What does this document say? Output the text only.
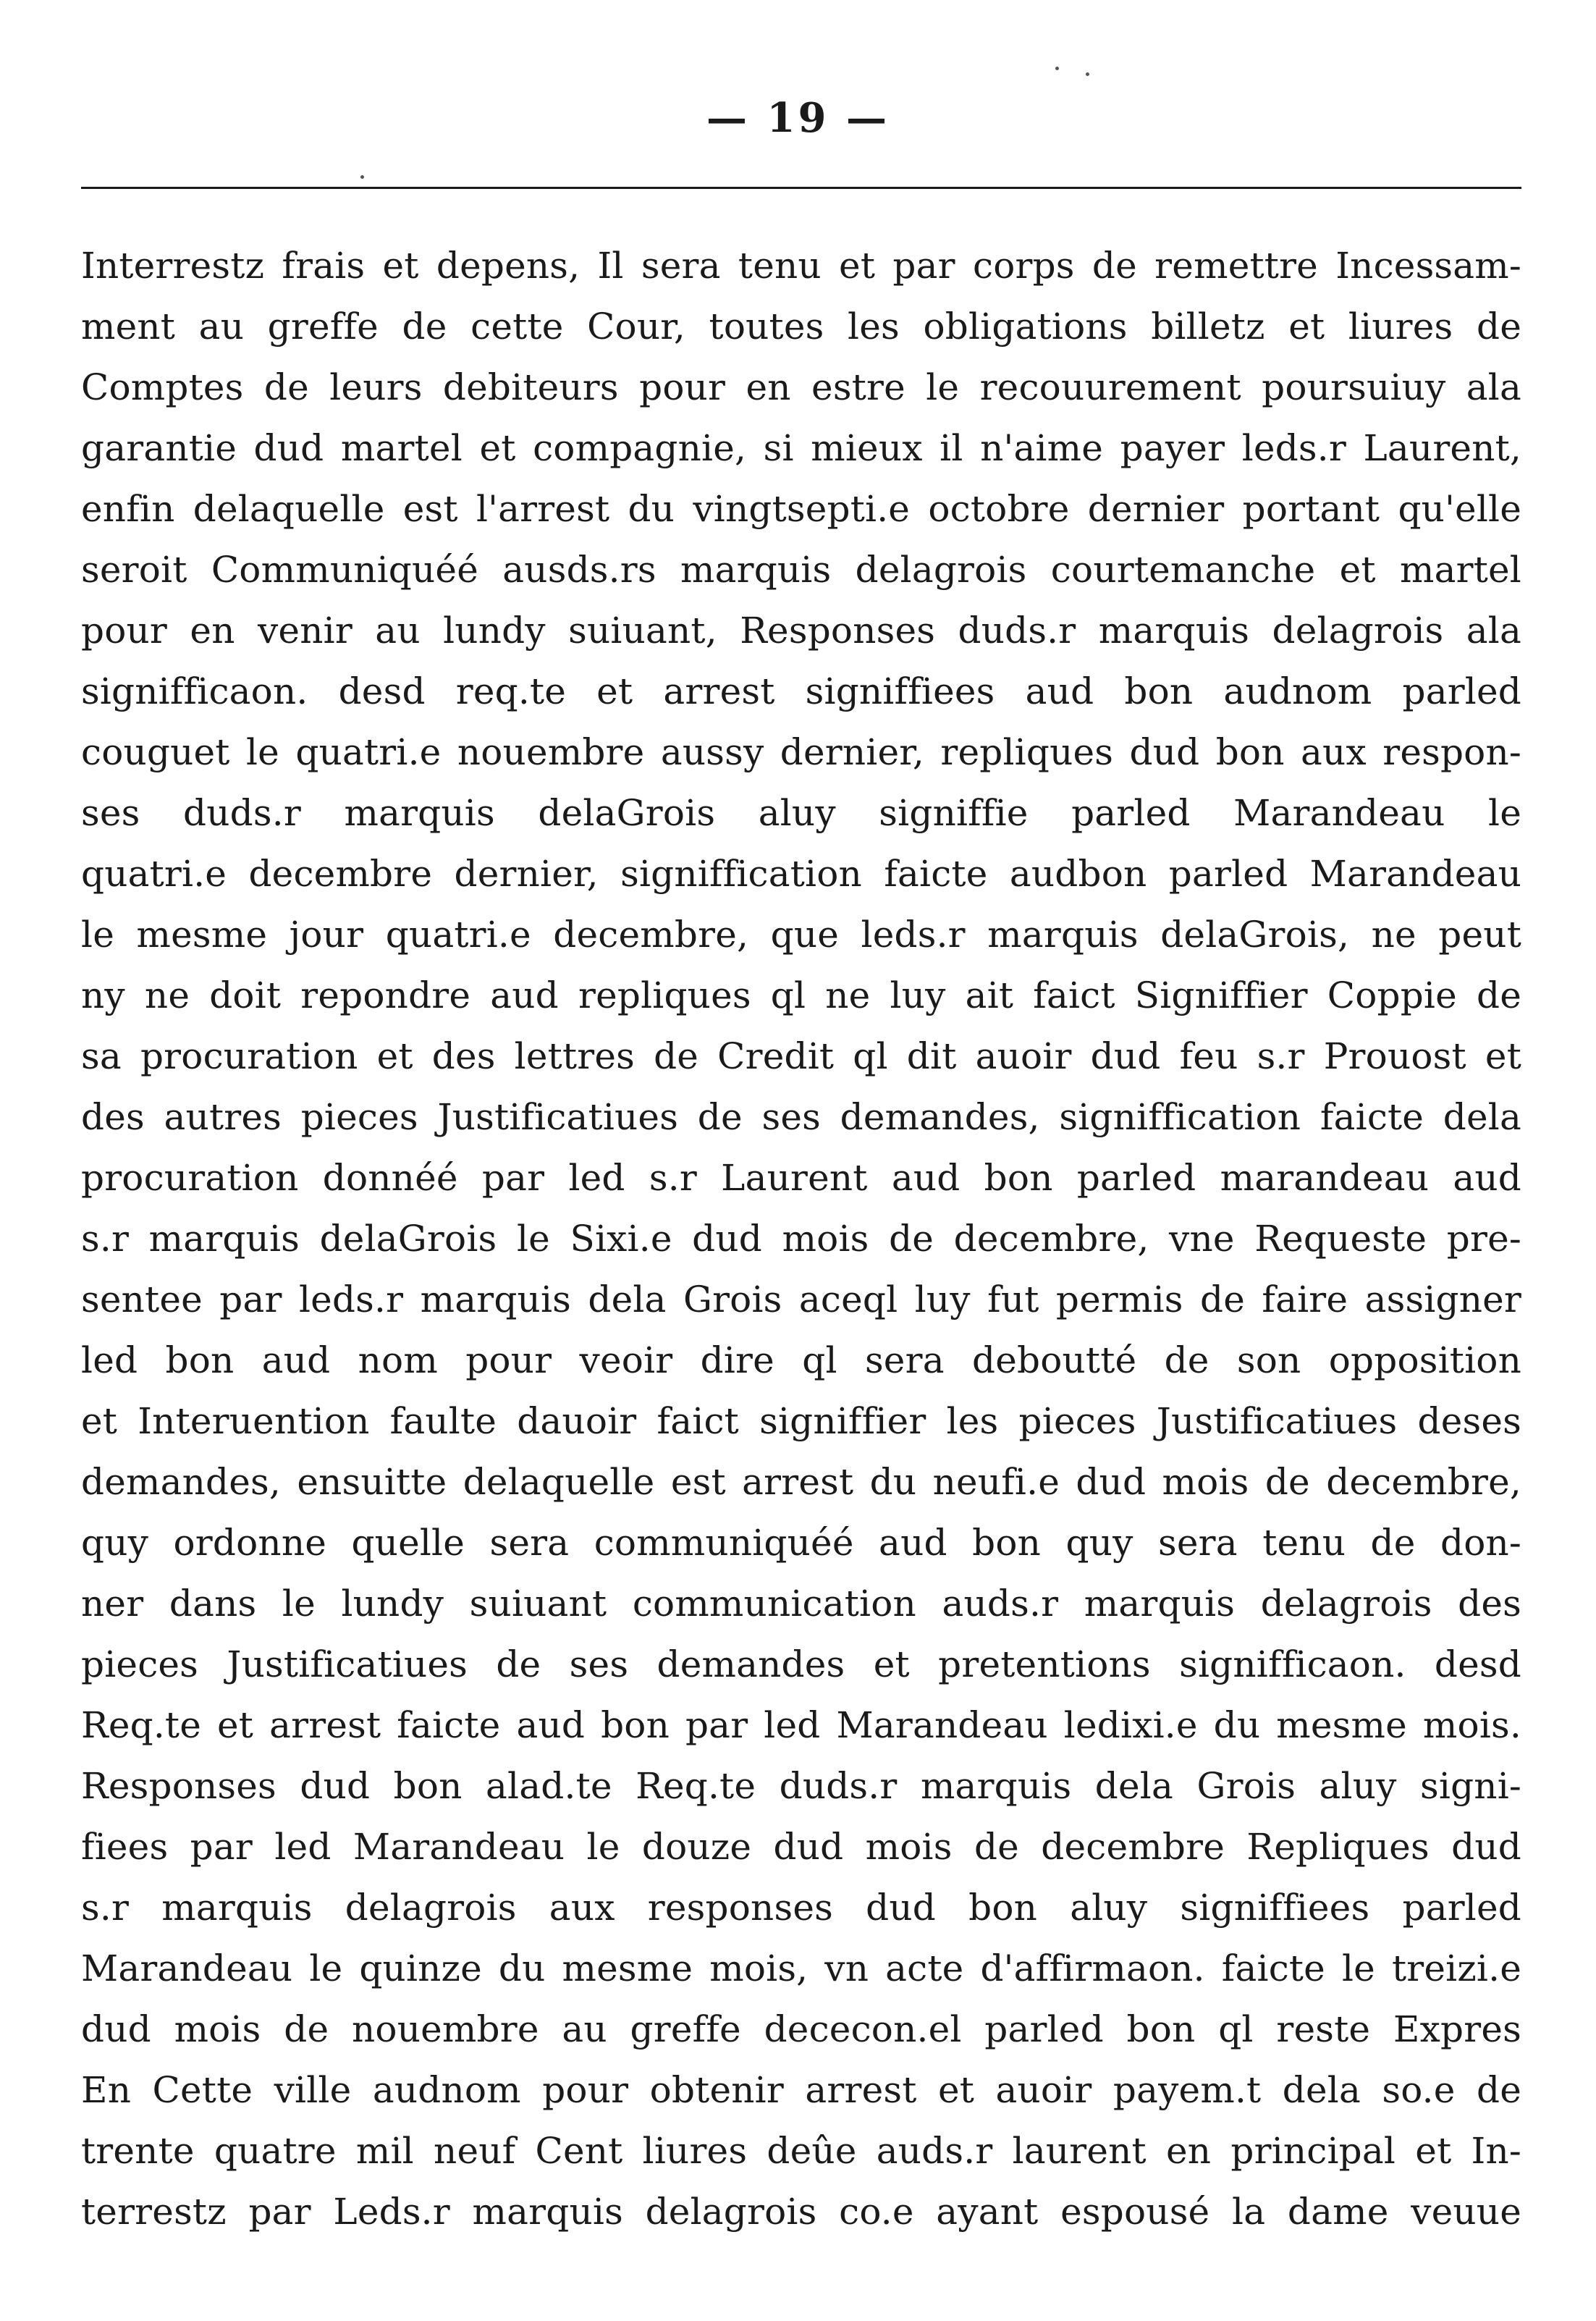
— 19 —
Interrestz frais et depens, Il sera tenu et par corps de remettre Incessam-
ment au greffe de cette Cour, toutes les obligations billetz et liures de
Comptes de leurs debiteurs pour en estre le recouurement poursuiuy ala
garantie dud martel et compagnie, si mieux il n'aime payer leds.r Laurent,
enfin delaquelle est l'arrest du vingtsepti.e octobre dernier portant qu'elle
seroit Communiquéé ausds.rs marquis delagrois courtemanche et martel
pour en venir au lundy suiuant, Responses duds.r marquis delagrois ala
signifficaon. desd req.te et arrest signiffiees aud bon audnom parled
couguet le quatri.e nouembre aussy dernier, repliques dud bon aux respon-
ses duds.r marquis delaGrois aluy signiffie parled Marandeau le
quatri.e decembre dernier, signiffication faicte audbon parled Marandeau
le mesme jour quatri.e decembre, que leds.r marquis delaGrois, ne peut
ny ne doit repondre aud repliques ql ne luy ait faict Signiffier Coppie de
sa procuration et des lettres de Credit ql dit auoir dud feu s.r Prouost et
des autres pieces Justificatiues de ses demandes, signiffication faicte dela
procuration donnéé par led s.r Laurent aud bon parled marandeau aud
s.r marquis delaGrois le Sixi.e dud mois de decembre, vne Requeste pre-
sentee par leds.r marquis dela Grois aceql luy fut permis de faire assigner
led bon aud nom pour veoir dire ql sera deboutté de son opposition
et Interuention faulte dauoir faict signiffier les pieces Justificatiues deses
demandes, ensuitte delaquelle est arrest du neufi.e dud mois de decembre,
quy ordonne quelle sera communiquéé aud bon quy sera tenu de don-
ner dans le lundy suiuant communication auds.r marquis delagrois des
pieces Justificatiues de ses demandes et pretentions signifficaon. desd
Req.te et arrest faicte aud bon par led Marandeau ledixi.e du mesme mois.
Responses dud bon alad.te Req.te duds.r marquis dela Grois aluy signi-
fiees par led Marandeau le douze dud mois de decembre Repliques dud
s.r marquis delagrois aux responses dud bon aluy signiffiees parled
Marandeau le quinze du mesme mois, vn acte d'affirmaon. faicte le treizi.e
dud mois de nouembre au greffe dececon.el parled bon ql reste Expres
En Cette ville audnom pour obtenir arrest et auoir payem.t dela so.e de
trente quatre mil neuf Cent liures deûe auds.r laurent en principal et In-
terrestz par Leds.r marquis delagrois co.e ayant espousé la dame veuue
